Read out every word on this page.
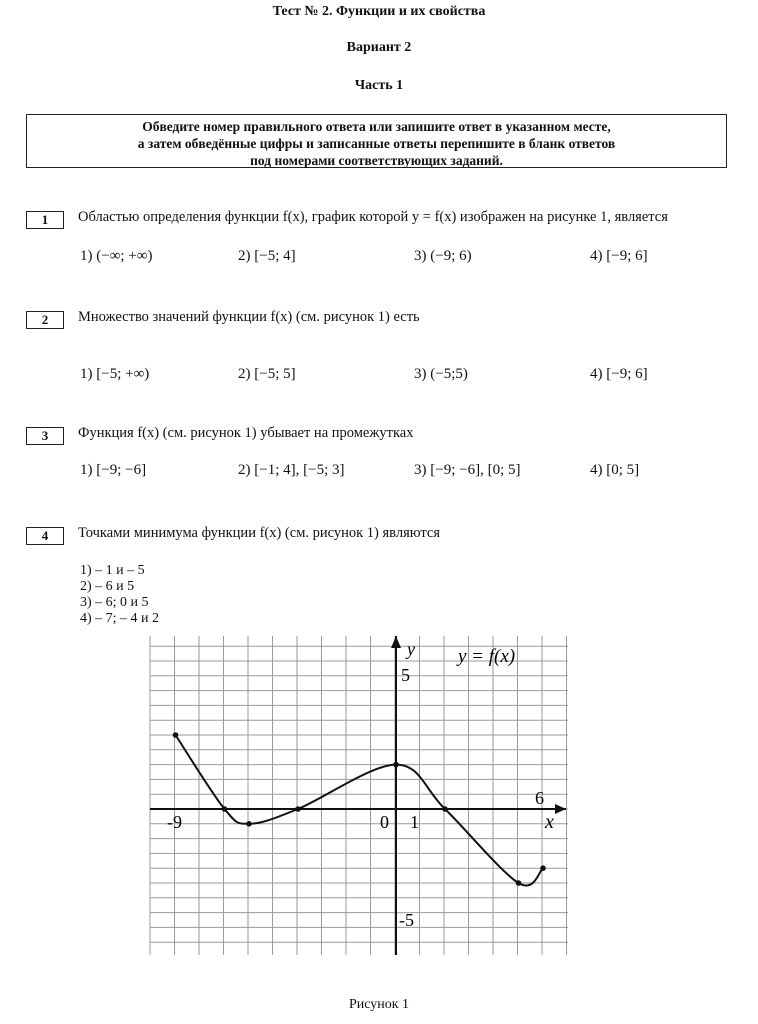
Тест № 2. Функции и их свойства
Вариант 2
Часть 1
Обведите номер правильного ответа или запишите ответ в указанном месте,
а затем обведённые цифры и записанные ответы перепишите в бланк ответов
под номерами соответствующих заданий.
1	Областью определения функции f(x), график которой y = f(x) изображен на рисунке 1, является
1) (−∞; +∞)	2) [−5; 4]	3) (−9; 6)	4) [−9; 6]
2	Множество значений функции f(x) (см. рисунок 1) есть
1) [−5; +∞)	2) [−5; 5]	3) (−5;5)	4) [−9; 6]
3	Функция f(x) (см. рисунок 1) убывает на промежутках
1) [−9; −6]	2) [−1; 4], [−5; 3]	3) [−9; −6], [0; 5]	4) [0; 5]
4	Точками минимума функции f(x) (см. рисунок 1) являются
1) – 1 и – 5
2) – 6 и 5
3) – 6; 0 и 5
4) – 7; – 4 и 2
-9	0 1
6
5
-5
x
y y = f(x)
Рисунок 1
